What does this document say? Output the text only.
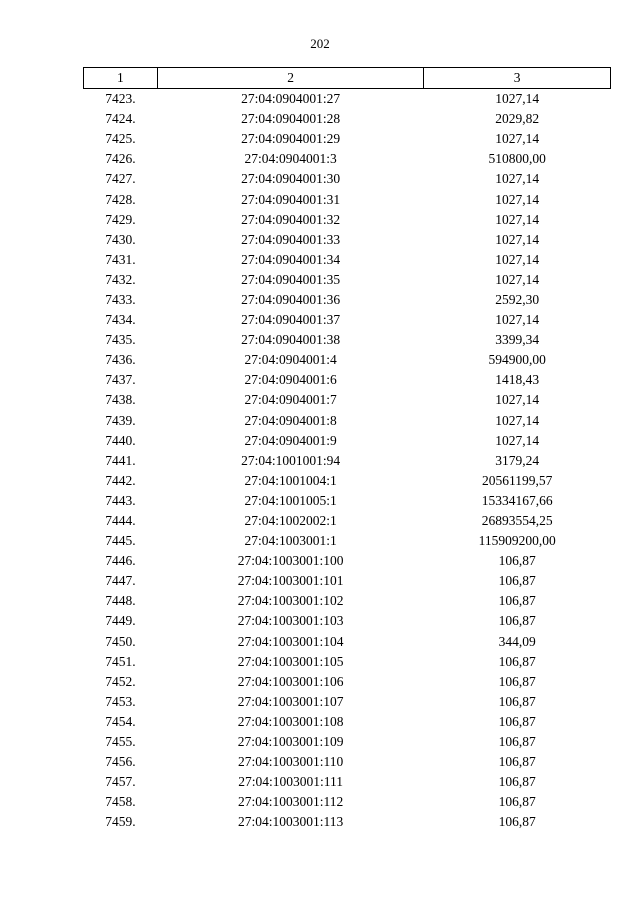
202
1	2	3
7423.	27:04:0904001:27	1027,14
7424.	27:04:0904001:28	2029,82
7425.	27:04:0904001:29	1027,14
7426.	27:04:0904001:3	510800,00
7427.	27:04:0904001:30	1027,14
7428.	27:04:0904001:31	1027,14
7429.	27:04:0904001:32	1027,14
7430.	27:04:0904001:33	1027,14
7431.	27:04:0904001:34	1027,14
7432.	27:04:0904001:35	1027,14
7433.	27:04:0904001:36	2592,30
7434.	27:04:0904001:37	1027,14
7435.	27:04:0904001:38	3399,34
7436.	27:04:0904001:4	594900,00
7437.	27:04:0904001:6	1418,43
7438.	27:04:0904001:7	1027,14
7439.	27:04:0904001:8	1027,14
7440.	27:04:0904001:9	1027,14
7441.	27:04:1001001:94	3179,24
7442.	27:04:1001004:1	20561199,57
7443.	27:04:1001005:1	15334167,66
7444.	27:04:1002002:1	26893554,25
7445.	27:04:1003001:1	115909200,00
7446.	27:04:1003001:100	106,87
7447.	27:04:1003001:101	106,87
7448.	27:04:1003001:102	106,87
7449.	27:04:1003001:103	106,87
7450.	27:04:1003001:104	344,09
7451.	27:04:1003001:105	106,87
7452.	27:04:1003001:106	106,87
7453.	27:04:1003001:107	106,87
7454.	27:04:1003001:108	106,87
7455.	27:04:1003001:109	106,87
7456.	27:04:1003001:110	106,87
7457.	27:04:1003001:111	106,87
7458.	27:04:1003001:112	106,87
7459.	27:04:1003001:113	106,87
